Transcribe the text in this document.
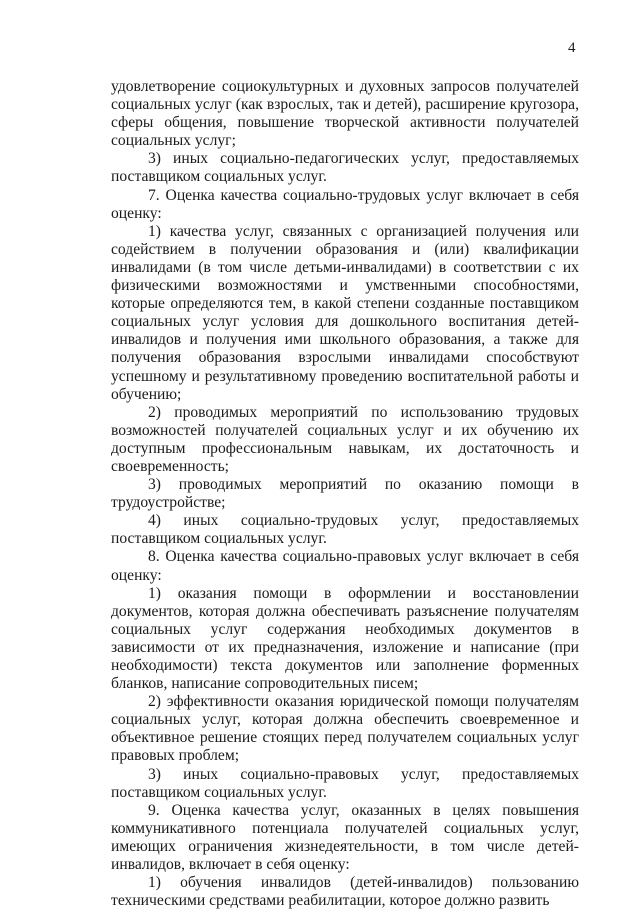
4

удовлетворение социокультурных и духовных запросов получателей социальных услуг (как взрослых, так и детей), расширение кругозора, сферы общения, повышение творческой активности получателей социальных услуг;

3) иных социально-педагогических услуг, предоставляемых поставщиком социальных услуг.

7. Оценка качества социально-трудовых услуг включает в себя оценку:

1) качества услуг, связанных с организацией получения или содействием в получении образования и (или) квалификации инвалидами (в том числе детьми-инвалидами) в соответствии с их физическими возможностями и умственными способностями, которые определяются тем, в какой степени созданные поставщиком социальных услуг условия для дошкольного воспитания детей-инвалидов и получения ими школьного образования, а также для получения образования взрослыми инвалидами способствуют успешному и результативному проведению воспитательной работы и обучению;

2) проводимых мероприятий по использованию трудовых возможностей получателей социальных услуг и их обучению их доступным профессиональным навыкам, их достаточность и своевременность;

3) проводимых мероприятий по оказанию помощи в трудоустройстве;

4) иных социально-трудовых услуг, предоставляемых поставщиком социальных услуг.

8. Оценка качества социально-правовых услуг включает в себя оценку:

1) оказания помощи в оформлении и восстановлении документов, которая должна обеспечивать разъяснение получателям социальных услуг содержания необходимых документов в зависимости от их предназначения, изложение и написание (при необходимости) текста документов или заполнение форменных бланков, написание сопроводительных писем;

2) эффективности оказания юридической помощи получателям социальных услуг, которая должна обеспечить своевременное и объективное решение стоящих перед получателем социальных услуг правовых проблем;

3) иных социально-правовых услуг, предоставляемых поставщиком социальных услуг.

9. Оценка качества услуг, оказанных в целях повышения коммуникативного потенциала получателей социальных услуг, имеющих ограничения жизнедеятельности, в том числе детей-инвалидов, включает в себя оценку:

1) обучения инвалидов (детей-инвалидов) пользованию техническими средствами реабилитации, которое должно развить
